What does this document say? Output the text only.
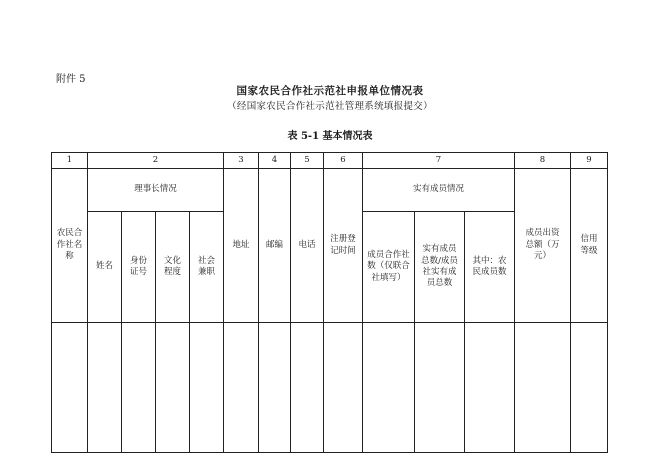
附件 5
国家农民合作社示范社申报单位情况表
（经国家农民合作社示范社管理系统填报提交）
表 5-1 基本情况表
1	2				3	4	5	6	7			8	9
农民合作社名称	理事长情况				地址	邮编	电话	注册登记时间	实有成员情况			成员出资总额（万元）	信用等级
	姓名	身份证号	文化程度	社会兼职					成员合作社数（仅联合社填写）	实有成员总数/成员社实有成员总数	其中：农民成员数		
